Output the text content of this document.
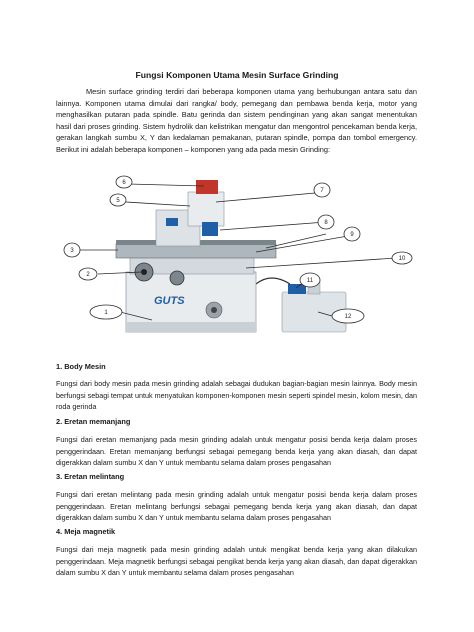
Fungsi Komponen Utama Mesin Surface Grinding

Mesin surface grinding terdiri dari beberapa komponen utama yang berhubungan antara satu dan lainnya. Komponen utama dimulai dari rangka/ body, pemegang dan pembawa benda kerja, motor yang menghasilkan putaran pada spindle. Batu gerinda dan sistem pendinginan yang akan sangat menentukan hasil dari proses grinding. Sistem hydrolik dan kelistrikan mengatur dan mengontrol pencekaman benda kerja, gerakan langkah sumbu X, Y dan kedalaman pemakanan, putaran spindle, pompa dan tombol emergency. Berikut ini adalah beberapa komponen – komponen yang ada pada mesin Grinding:

GUTS
1
2
3
6
5
7
8
9
10
11
12
1. Body Mesin

Fungsi dari body mesin pada mesin grinding adalah sebagai dudukan bagian-bagian mesin lainnya. Body mesin berfungsi sebagi tempat untuk menyatukan komponen-komponen mesin seperti spindel mesin, kolom mesin, dan roda gerinda

2. Eretan memanjang

Fungsi dari eretan memanjang pada mesin grinding adalah untuk mengatur posisi benda kerja dalam proses penggerindaan. Eretan memanjang berfungsi sebagai pemegang benda kerja yang akan diasah, dan dapat digerakkan dalam sumbu X dan Y untuk membantu selama dalam proses pengasahan

3. Eretan melintang

Fungsi dari eretan melintang pada mesin grinding adalah untuk mengatur posisi benda kerja dalam proses penggerindaan. Eretan melintang berfungsi sebagai pemegang benda kerja yang akan diasah, dan dapat digerakkan dalam sumbu X dan Y untuk membantu selama dalam proses pengasahan

4. Meja magnetik

Fungsi dari meja magnetik pada mesin grinding adalah untuk mengikat benda kerja yang akan dilakukan penggerindaan. Meja magnetik berfungsi sebagai pengikat benda kerja yang akan diasah, dan dapat digerakkan dalam sumbu X dan Y untuk membantu selama dalam proses pengasahan
